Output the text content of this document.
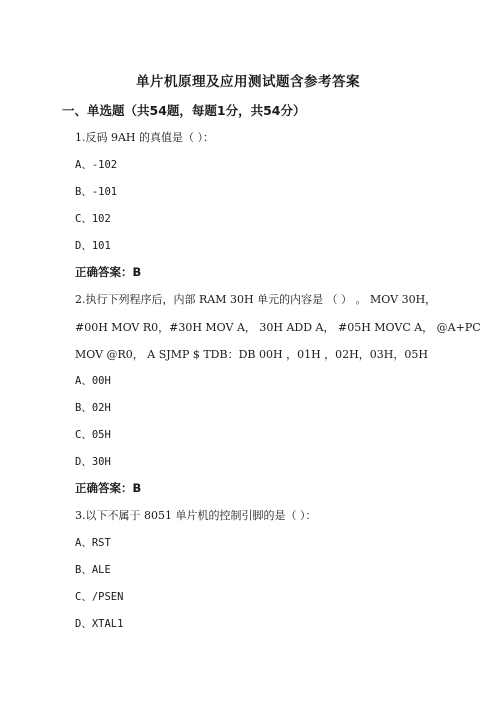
单片机原理及应用测试题含参考答案
一、单选题（共54题，每题1分，共54分）
1.反码 9AH 的真值是（ ）：
A、-102
B、-101
C、102
D、101
正确答案：B
2.执行下列程序后，内部 RAM 30H 单元的内容是 （ ） 。 MOV 30H，
#00H MOV R0，#30H MOV A， 30H ADD A， #05H MOVC A， @A+PC
MOV @R0， A SJMP $ TDB：DB 00H ，01H ，02H，03H，05H
A、00H
B、02H
C、05H
D、30H
正确答案：B
3.以下不属于 8051 单片机的控制引脚的是（ ）：
A、RST
B、ALE
C、/PSEN
D、XTAL1
